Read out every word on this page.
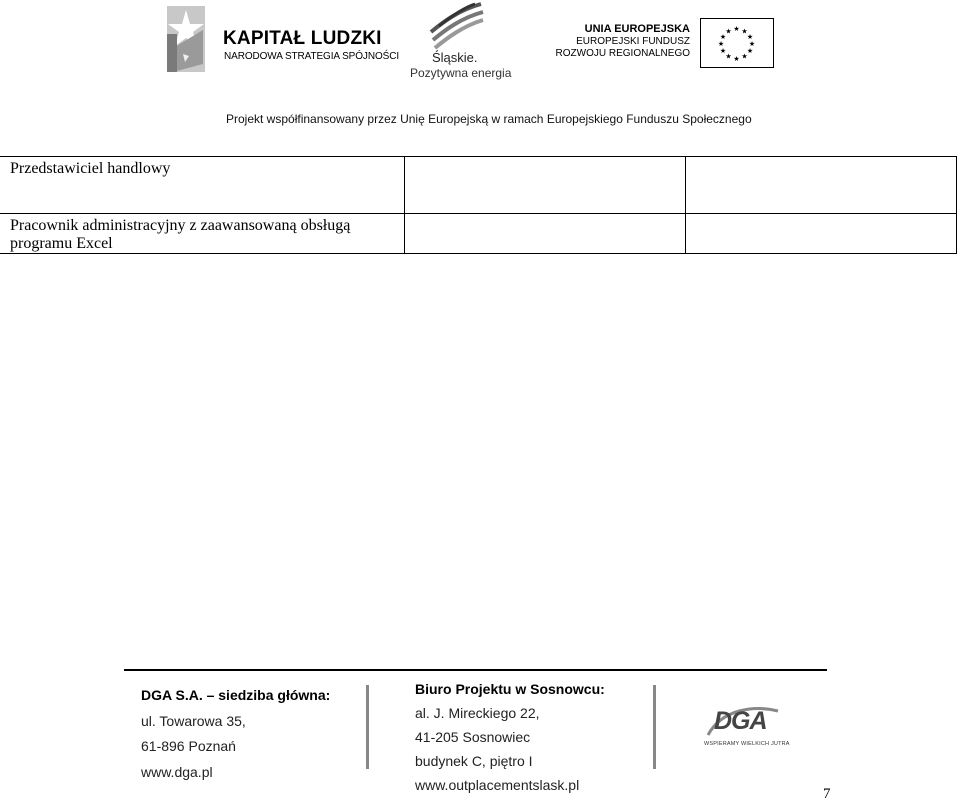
KAPITAŁ LUDZKI
NARODOWA STRATEGIA SPÓJNOŚCI	Śląskie.
Pozytywna energia
UNIA EUROPEJSKA
EUROPEJSKI FUNDUSZ
ROZWOJU REGIONALNEGO
★ ★
★
★
★
★
★
★
★
★
★
★
Projekt współfinansowany przez Unię Europejską w ramach Europejskiego Funduszu Społecznego
Przedstawiciel handlowy		
Pracownik administracyjny z zaawansowaną obsługą programu Excel		
DGA S.A. – siedziba główna:
ul. Towarowa 35,
61-896 Poznań
www.dga.pl
Biuro Projektu w Sosnowcu:
al. J. Mireckiego 22,
41-205 Sosnowiec
budynek C, piętro I
www.outplacementslask.pl
DGA
WSPIERAMY WIELKICH JUTRA
7
